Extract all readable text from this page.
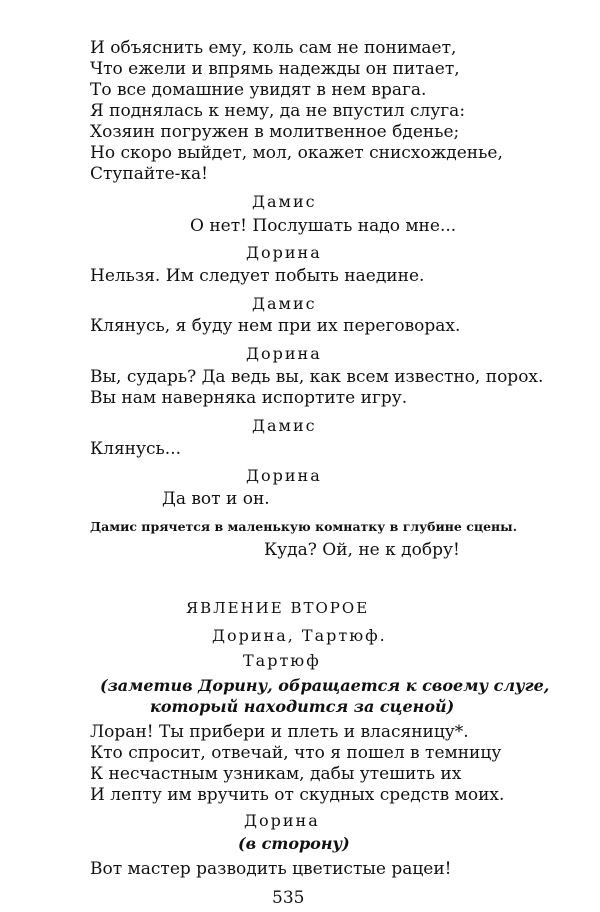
И объяснить ему, коль сам не понимает,
Что ежели и впрямь надежды он питает,
То все домашние увидят в нем врага.
Я поднялась к нему, да не впустил слуга:
Хозяин погружен в молитвенное бденье;
Но скоро выйдет, мол, окажет снисхожденье,
Ступайте-ка!
Дамис
О нет! Послушать надо мне...
Дорина
Нельзя. Им следует побыть наедине.
Дамис
Клянусь, я буду нем при их переговорах.
Дорина
Вы, сударь? Да ведь вы, как всем известно, порох.
Вы нам наверняка испортите игру.
Дамис
Клянусь...
Дорина
Да вот и он.
Дамис прячется в маленькую комнатку в глубине сцены.
Куда? Ой, не к добру!
ЯВЛЕНИЕ ВТОРОЕ
Дорина, Тартюф.
Тартюф
(заметив Дорину, обращается к своему слуге,
который находится за сценой)
Лоран! Ты прибери и плеть и власяницу*.
Кто спросит, отвечай, что я пошел в темницу
К несчастным узникам, дабы утешить их
И лепту им вручить от скудных средств моих.
Дорина
(в сторону)
Вот мастер разводить цветистые рацеи!
535
